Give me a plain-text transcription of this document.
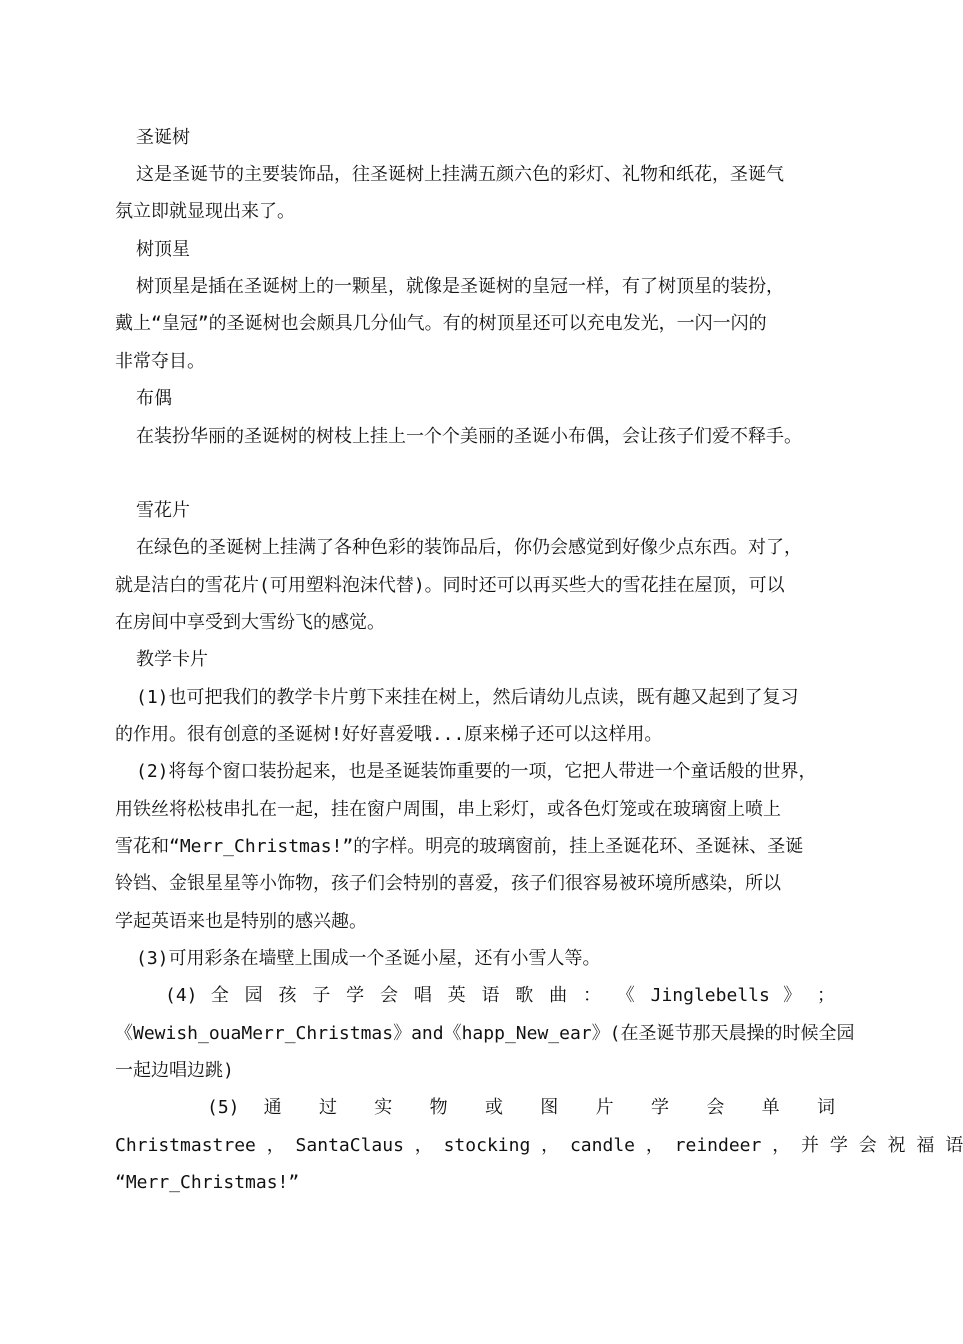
圣诞树
这是圣诞节的主要装饰品，往圣诞树上挂满五颜六色的彩灯、礼物和纸花，圣诞气
氛立即就显现出来了。
树顶星
树顶星是插在圣诞树上的一颗星，就像是圣诞树的皇冠一样，有了树顶星的装扮，
戴上“皇冠”的圣诞树也会颇具几分仙气。有的树顶星还可以充电发光，一闪一闪的
非常夺目。
布偶
在装扮华丽的圣诞树的树枝上挂上一个个美丽的圣诞小布偶，会让孩子们爱不释手。
雪花片
在绿色的圣诞树上挂满了各种色彩的装饰品后，你仍会感觉到好像少点东西。对了，
就是洁白的雪花片(可用塑料泡沫代替)。同时还可以再买些大的雪花挂在屋顶，可以
在房间中享受到大雪纷飞的感觉。
教学卡片
(1)也可把我们的教学卡片剪下来挂在树上，然后请幼儿点读，既有趣又起到了复习
的作用。很有创意的圣诞树!好好喜爱哦...原来梯子还可以这样用。
(2)将每个窗口装扮起来，也是圣诞装饰重要的一项，它把人带进一个童话般的世界，
用铁丝将松枝串扎在一起，挂在窗户周围，串上彩灯，或各色灯笼或在玻璃窗上喷上
雪花和“Merr_Christmas!”的字样。明亮的玻璃窗前，挂上圣诞花环、圣诞袜、圣诞
铃铛、金银星星等小饰物，孩子们会特别的喜爱，孩子们很容易被环境所感染，所以
学起英语来也是特别的感兴趣。
(3)可用彩条在墙壁上围成一个圣诞小屋，还有小雪人等。
(4) 全 园 孩 子 学 会 唱 英 语 歌 曲 ： 《 Jinglebells 》 ；
《Wewish_ouaMerr_Christmas》and《happ_New_ear》(在圣诞节那天晨操的时候全园
一起边唱边跳)
(5) 通 过 实 物 或 图 片 学 会 单 词
Christmastree ， SantaClaus ， stocking ， candle ， reindeer ， 并 学 会 祝 福 语
“Merr_Christmas!”
